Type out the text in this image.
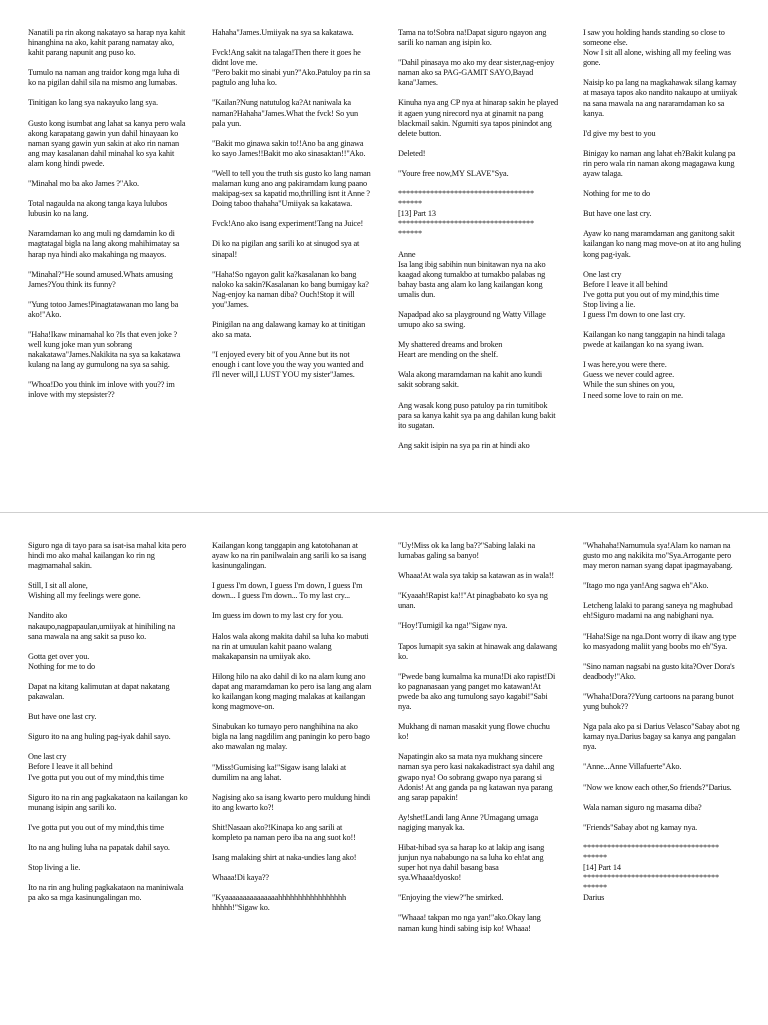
Nanatili pa rin akong nakatayo sa harap nya kahit hinanghina na ako, kahit parang namatay ako, kahit parang napunit ang puso ko.

Tumulo na naman ang traidor kong mga luha di ko na pigilan dahil sila na mismo ang lumabas.

Tinitigan ko lang sya nakayuko lang sya.

Gusto kong isumbat ang lahat sa kanya pero wala akong karapatang gawin yun dahil hinayaan ko naman syang gawin yun sakin at ako rin naman ang may kasalanan dahil minahal ko sya kahit alam kong hindi pwede.

"Minahal mo ba ako James ?"Ako.

Total nagaulda na akong tanga kaya lulubos lubusin ko na lang.

Naramdaman ko ang muli ng damdamin ko di magtatagal bigla na lang akong mahihimatay sa harap nya hindi ako makahinga ng maayos.

"Minahal?"He sound amused.Whats amusing James?You think its funny?

"Yung totoo James!Pinagtatawanan mo lang ba ako!"Ako.

"Haha!Ikaw minamahal ko ?Is that even joke ?well kung joke man yun sobrang nakakatawa"James.Nakikita na sya sa kakatawa kulang na lang ay gumulong na sya sa sahig.

"Whoa!Do you think im inlove with you?? im inlove with my stepsister??

Hahaha"James.Umiiyak na sya sa kakatawa.

Fvck!Ang sakit na talaga!Then there it goes he didnt love me.
"Pero bakit mo sinabi yun?"Ako.Patuloy pa rin sa pagtulo ang luha ko.

"Kailan?Nung natutulog ka?At naniwala ka naman?Hahaha"James.What the fvck! So yun pala yun.

"Bakit mo ginawa sakin to!!Ano ba ang ginawa ko sayo James!!Bakit mo ako sinasaktan!!"Ako.

"Well to tell you the truth sis gusto ko lang naman malaman kung ano ang pakiramdam kung paano makipag-sex sa kapatid mo,thrilling isnt it Anne ?Doing taboo thahaha"Umiiyak sa kakatawa.

Fvck!Ano ako isang experiment!Tang na Juice!

Di ko na pigilan ang sarili ko at sinugod sya at sinapal!

"Haha!So ngayon galit ka?kasalanan ko bang naloko ka sakin?Kasalanan ko bang bumigay ka?Nag-enjoy ka naman diba? Ouch!Stop it will you"James.

Pinigilan na ang dalawang kamay ko at tinitigan ako sa mata.

"I enjoyed every bit of you Anne but its not enough i cant love you the way you wanted and i'll never will,I LUST YOU my sister"James.

Tama na to!Sobra na!Dapat siguro ngayon ang sarili ko naman ang isipin ko.

"Dahil pinasaya mo ako my dear sister,nag-enjoy naman ako sa PAG-GAMIT SAYO,Bayad kana"James.

Kinuha nya ang CP nya at hinarap sakin he played it agaen yung nirecord nya at ginamit na pang blackmail sakin. Ngumiti sya tapos pinindot ang delete button.

Deleted!

"Youre free now,MY SLAVE"Sya.

**********************************
******
[13] Part 13
**********************************
******

Anne
Isa lang ibig sabihin nun binitawan nya na ako kaagad akong tumakbo at tumakbo palabas ng bahay basta ang alam ko lang kailangan kong umalis dun.

Napadpad ako sa playground ng Watty Village umupo ako sa swing.

My shattered dreams and broken
Heart are mending on the shelf.

Wala akong maramdaman na kahit ano kundi sakit sobrang sakit.

Ang wasak kong puso patuloy pa rin tumitibok para sa kanya kahit sya pa ang dahilan kung bakit ito sugatan.

Ang sakit isipin na sya pa rin at hindi ako

I saw you holding hands standing so close to someone else.
Now I sit all alone, wishing all my feeling was gone.

Naisip ko pa lang na magkahawak silang kamay at masaya tapos ako nandito nakaupo at umiiyak na sana mawala na ang nararamdaman ko sa kanya.

I'd give my best to you

Binigay ko naman ang lahat eh?Bakit kulang pa rin pero wala rin naman akong magagawa kung ayaw talaga.

Nothing for me to do

But have one last cry.

Ayaw ko nang maramdaman ang ganitong sakit kailangan ko nang mag move-on at ito ang huling kong pag-iyak.

One last cry
Before I leave it all behind
I've gotta put you out of my mind,this time
Stop living a lie.
I guess I'm down to one last cry.

Kailangan ko nang tanggapin na hindi talaga pwede at kailangan ko na syang iwan.

I was here,you were there.
Guess we never could agree.
While the sun shines on you,
I need some love to rain on me.

Siguro nga di tayo para sa isat-isa mahal kita pero hindi mo ako mahal kailangan ko rin ng magmamahal sakin.

Still, I sit all alone,
Wishing all my feelings were gone.

Nandito ako
nakaupo,nagpapaulan,umiiyak at hinihiling na sana mawala na ang sakit sa puso ko.

Gotta get over you.
Nothing for me to do

Dapat na kitang kalimutan at dapat nakatang pakawalan.

But have one last cry.

Siguro ito na ang huling pag-iyak dahil sayo.

One last cry
Before I leave it all behind
I've gotta put you out of my mind,this time

Siguro ito na rin ang pagkakataon na kailangan ko munang isipin ang sarili ko.

I've gotta put you out of my mind,this time

Ito na ang huling luha na papatak dahil sayo.

Stop living a lie.

Ito na rin ang huling pagkakataon na maniniwala pa ako sa mga kasinungalingan mo.

Kailangan kong tanggapin ang katotohanan at ayaw ko na rin panilwalain ang sarili ko sa isang kasinungalingan.

I guess I'm down, I guess I'm down, I guess I'm down... I guess I'm down... To my last cry...

Im guess im down to my last cry for you.

Halos wala akong makita dahil sa luha ko mabuti na rin at umuulan kahit paano walang makakapansin na umiiyak ako.

Hilong hilo na ako dahil di ko na alam kung ano dapat ang maramdaman ko pero isa lang ang alam ko kailangan kong maging malakas at kailangan kong magmove-on.

Sinabukan ko tumayo pero nanghihina na ako bigla na lang nagdilim ang paningin ko pero bago ako mawalan ng malay.

"Miss!Gumising ka!"Sigaw isang lalaki at dumilim na ang lahat.

Nagising ako sa isang kwarto pero muldung hindi ito ang kwarto ko?!

Shit!Nasaan ako?!Kinapa ko ang sarili at kompleto pa naman pero iba na ang suot ko!!

Isang malaking shirt at naka-undies lang ako!

Whaaa!Di kaya??

"Kyaaaaaaaaaaaaaaahhhhhhhhhhhhhhhhh hhhhh!"Sigaw ko.

"Uy!Miss ok ka lang ba??"Sabing lalaki na lumabas galing sa banyo!

Whaaa!At wala sya takip sa katawan as in wala!!

"Kyaaah!Rapist ka!!"At pinagbabato ko sya ng unan.

"Hoy!Tumigil ka nga!"Sigaw nya.

Tapos lumapit sya sakin at hinawak ang dalawang ko.

"Pwede bang kumalma ka muna!Di ako rapist!Di ko pagnanasaan yang panget mo katawan!At pwede ba ako ang tumulong sayo kagabi!"Sabi nya.

Mukhang di naman masakit yung flowe chuchu ko!

Napatingin ako sa mata nya mukhang sincere naman sya pero kasi nakakadistract sya dahil ang gwapo nya! Oo sobrang gwapo nya parang si Adonis! At ang ganda pa ng katawan nya parang ang sarap papakin!

Ay!shet!Landi lang Anne ?Umagang umaga nagiging manyak ka.

Hibat-hibad sya sa harap ko at lakip ang isang junjun nya nababungo na sa luha ko eh!at ang super hot nya dahil basang basa sya.Whaaa!dyosko!

"Enjoying the view?"he smirked.

"Whaaa! takpan mo nga yan!"ako.Okay lang naman kung hindi sabing isip ko! Whaaa!

"Whahaha!Namumula sya!Alam ko naman na gusto mo ang nakikita mo"Sya.Arrogante pero may meron naman syang dapat ipagmayabang.

"Itago mo nga yan!Ang sagwa eh"Ako.

Letcheng lalaki to parang saneya ng maghubad eh!Siguro madami na ang nabighani nya.

"Haha!Sige na nga.Dont worry di ikaw ang type ko masyadong maliit yang boobs mo eh"Sya.

"Sino naman nagsabi na gusto kita?Over Dora's deadbody!"Ako.

"Whaha!Dora??Yung cartoons na parang bunot yung buhok??

Nga pala ako pa si Darius Velasco"Sabay abot ng kamay nya.Darius bagay sa kanya ang pangalan nya.

"Anne...Anne Villafuerte"Ako.

"Now we know each other,So friends?"Darius.

Wala naman siguro ng masama diba?

"Friends"Sabay abot ng kamay nya.

**********************************
******
[14] Part 14
**********************************
******
Darius
